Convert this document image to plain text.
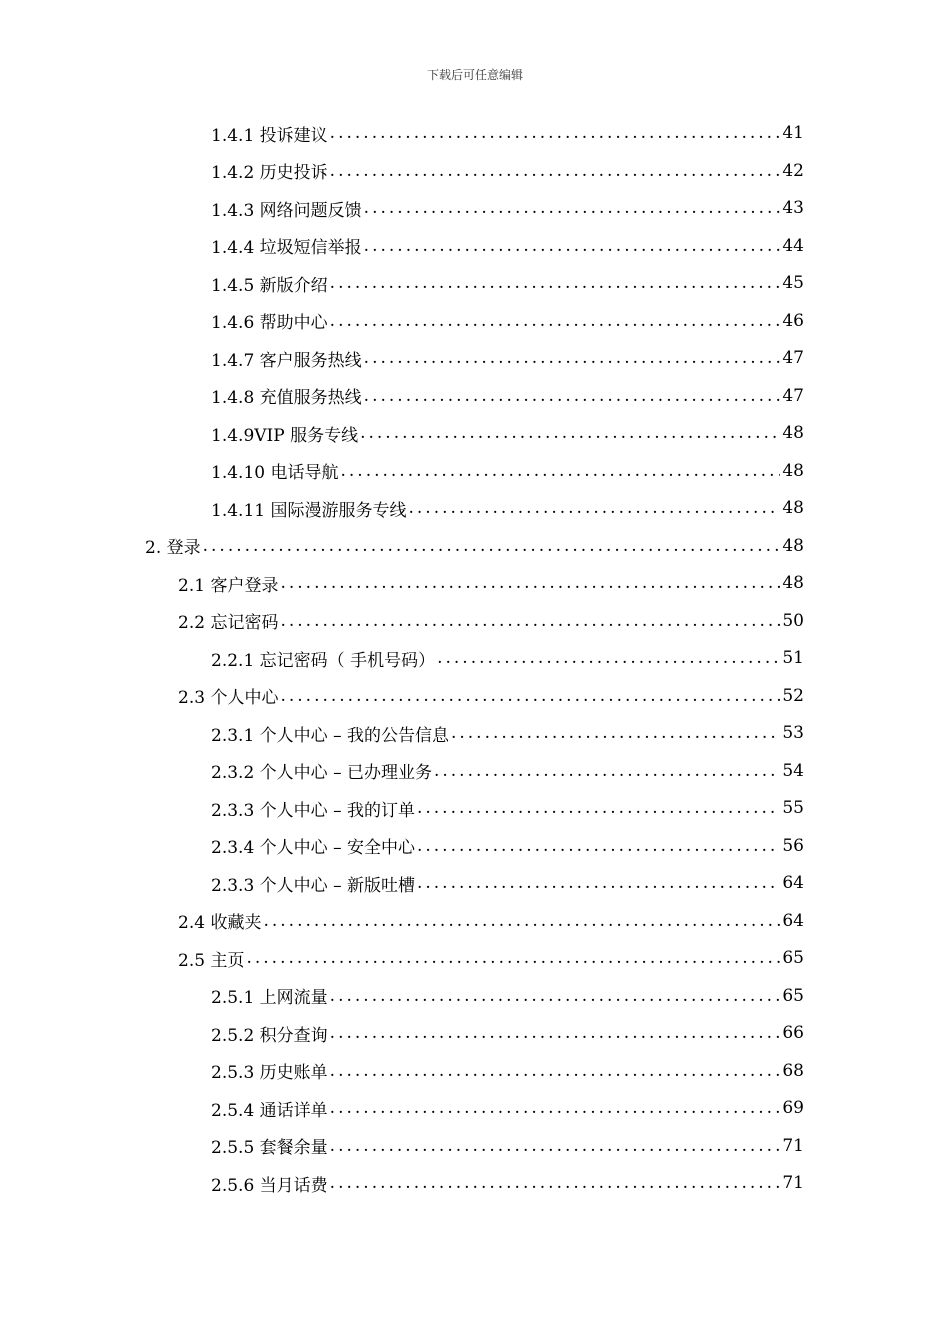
下载后可任意编辑
1.4.1 投诉建议 .....	41
1.4.2 历史投诉 .....	42
1.4.3 网络问题反馈 .....	43
1.4.4 垃圾短信举报 .....	44
1.4.5 新版介绍 .....	45
1.4.6 帮助中心 .....	46
1.4.7 客户服务热线 .....	47
1.4.8 充值服务热线 .....	47
1.4.9VIP 服务专线 .....	48
1.4.10 电话导航 .....	48
1.4.11 国际漫游服务专线 .....	48
2. 登录 .....	48
2.1 客户登录 .....	48
2.2 忘记密码 .....	50
2.2.1 忘记密码（ 手机号码） .....	51
2.3 个人中心 .....	52
2.3.1 个人中心 – 我的公告信息 .....	53
2.3.2 个人中心 – 已办理业务 .....	54
2.3.3 个人中心 – 我的订单 .....	55
2.3.4 个人中心 – 安全中心 .....	56
2.3.3 个人中心 – 新版吐槽 .....	64
2.4 收藏夹 .....	64
2.5 主页 .....	65
2.5.1 上网流量 .....	65
2.5.2 积分查询 .....	66
2.5.3 历史账单 .....	68
2.5.4 通话详单 .....	69
2.5.5 套餐余量 .....	71
2.5.6 当月话费 .....	71
